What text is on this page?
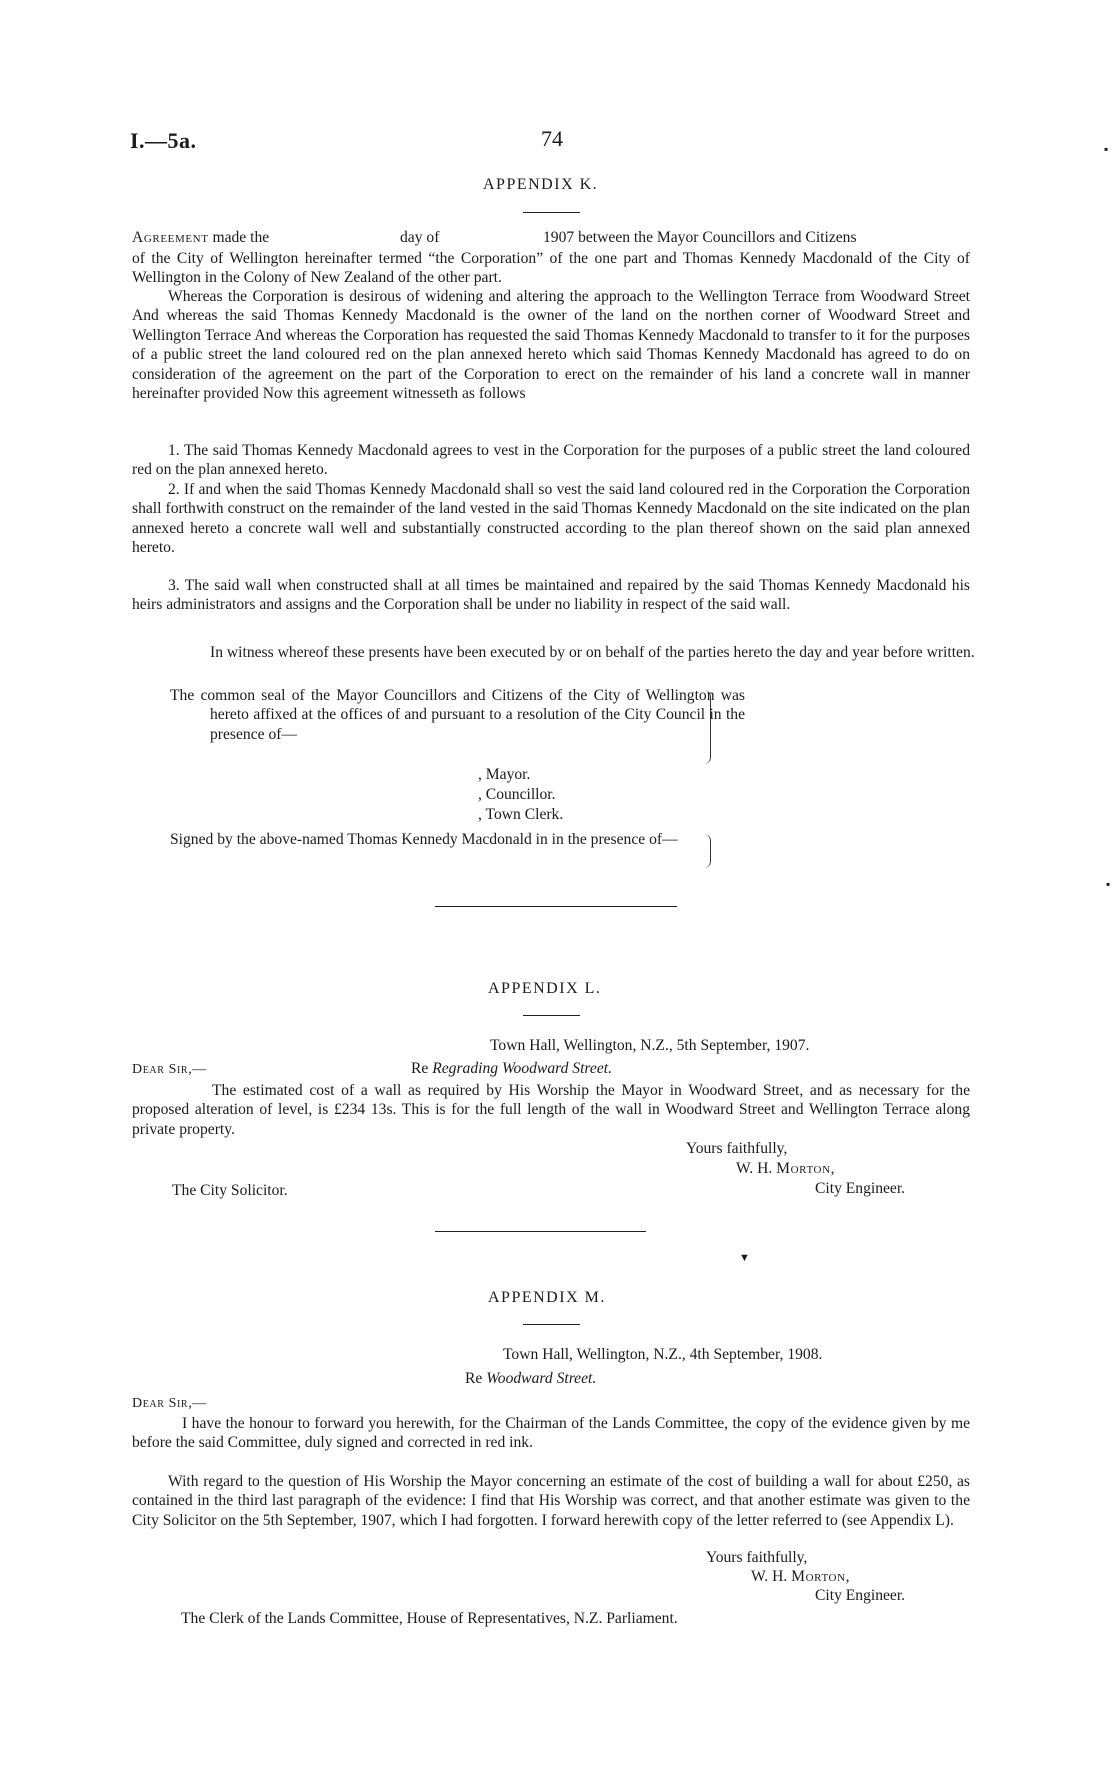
I.—5a.	74
APPENDIX K.
Agreement made the	day of	1907 between the Mayor Councillors and Citizens

of the City of Wellington hereinafter termed “the Corporation” of the one part and Thomas Kennedy Macdonald of the City of Wellington in the Colony of New Zealand of the other part.

Whereas the Corporation is desirous of widening and altering the approach to the Wellington Terrace from Woodward Street And whereas the said Thomas Kennedy Macdonald is the owner of the land on the northen corner of Woodward Street and Wellington Terrace And whereas the Corporation has requested the said Thomas Kennedy Macdonald to transfer to it for the purposes of a public street the land coloured red on the plan annexed hereto which said Thomas Kennedy Macdonald has agreed to do on consideration of the agreement on the part of the Corporation to erect on the remainder of his land a concrete wall in manner hereinafter provided Now this agreement witnesseth as follows

1. The said Thomas Kennedy Macdonald agrees to vest in the Corporation for the purposes of a public street the land coloured red on the plan annexed hereto.

2. If and when the said Thomas Kennedy Macdonald shall so vest the said land coloured red in the Corporation the Corporation shall forthwith construct on the remainder of the land vested in the said Thomas Kennedy Macdonald on the site indicated on the plan annexed hereto a concrete wall well and substantially constructed according to the plan thereof shown on the said plan annexed hereto.

3. The said wall when constructed shall at all times be maintained and repaired by the said Thomas Kennedy Macdonald his heirs administrators and assigns and the Corporation shall be under no liability in respect of the said wall.

In witness whereof these presents have been executed by or on behalf of the parties hereto the day and year before written.

The common seal of the Mayor Councillors and Citizens of the City of Wellington was hereto affixed at the offices of and pursuant to a resolution of the City Council in the presence of—

, Mayor.
, Councillor.
, Town Clerk.

Signed by the above-named Thomas Kennedy Macdonald in in the presence of—

APPENDIX L.
Town Hall, Wellington, N.Z., 5th September, 1907.
Dear Sir,—	Re Regrading Woodward Street.

The estimated cost of a wall as required by His Worship the Mayor in Woodward Street, and as necessary for the proposed alteration of level, is £234 13s. This is for the full length of the wall in Woodward Street and Wellington Terrace along private property.

Yours faithfully,
W. H. Morton,
City Engineer.
The City Solicitor.
APPENDIX M.
Town Hall, Wellington, N.Z., 4th September, 1908.
Re Woodward Street.
Dear Sir,—

I have the honour to forward you herewith, for the Chairman of the Lands Committee, the copy of the evidence given by me before the said Committee, duly signed and corrected in red ink.

With regard to the question of His Worship the Mayor concerning an estimate of the cost of building a wall for about £250, as contained in the third last paragraph of the evidence: I find that His Worship was correct, and that another estimate was given to the City Solicitor on the 5th September, 1907, which I had forgotten. I forward herewith copy of the letter referred to (see Appendix L).

Yours faithfully,
W. H. Morton,
City Engineer.
The Clerk of the Lands Committee, House of Representatives, N.Z. Parliament.
▪
▪
▼
